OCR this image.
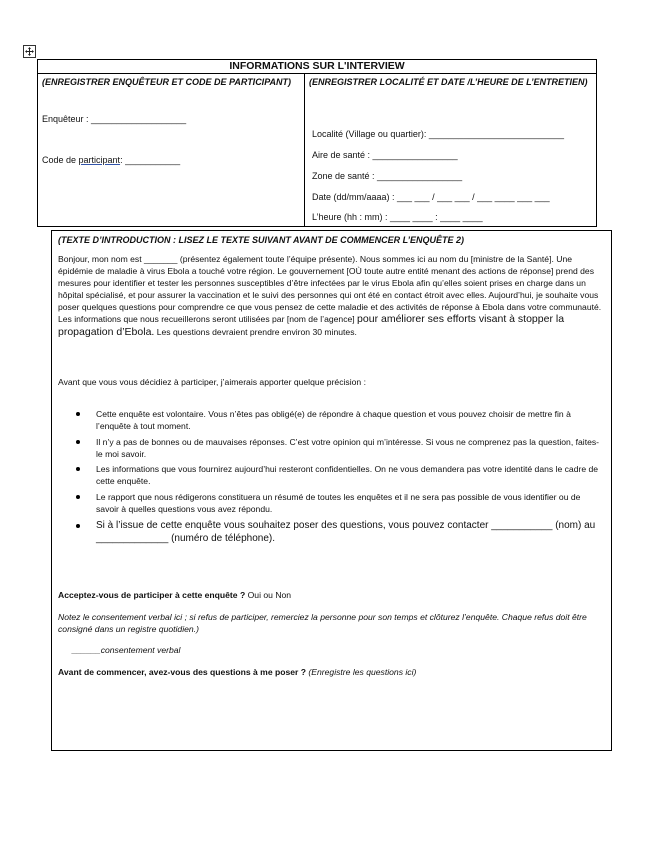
INFORMATIONS SUR L'INTERVIEW
(ENREGISTRER ENQUÊTEUR ET CODE DE PARTICIPANT)
Enquêteur : ___________________
Code de participant: ___________
(ENREGISTRER LOCALITÉ ET DATE /L’HEURE DE L’ENTRETIEN)
Localité (Village ou quartier): ___________________________
Aire de santé : _________________
Zone de santé : _________________
Date (dd/mm/aaaa) : ___ ___ / ___ ___ / ___ ____ ___ ___
L’heure (hh : mm) : ____ ____ : ____ ____
(TEXTE D’INTRODUCTION : LISEZ LE TEXTE SUIVANT AVANT DE COMMENCER L’ENQUÊTE 2)
Bonjour, mon nom est _______ (présentez également toute l’équipe présente). Nous sommes ici au nom du [ministre de la Santé]. Une épidémie de maladie à virus Ebola a touché votre région. Le gouvernement [OÙ toute autre entité menant des actions de réponse] prend des mesures pour identifier et tester les personnes susceptibles d’être infectées par le virus Ebola afin qu’elles soient prises en charge dans un hôpital spécialisé, et pour assurer la vaccination et le suivi des personnes qui ont été en contact étroit avec elles. Aujourd’hui, je souhaite vous poser quelques questions pour comprendre ce que vous pensez de cette maladie et des activités de réponse à Ebola dans votre communauté. Les informations que nous recueillerons seront utilisées par [nom de l’agence] pour améliorer ses efforts visant à stopper la propagation d’Ebola. Les questions devraient prendre environ 30 minutes.
Avant que vous vous décidiez à participer, j’aimerais apporter quelque précision :
Cette enquête est volontaire. Vous n’êtes pas obligé(e) de répondre à chaque question et vous pouvez choisir de mettre fin à l’enquête à tout moment.
Il n’y a pas de bonnes ou de mauvaises réponses. C’est votre opinion qui m’intéresse. Si vous ne comprenez pas la question, faites-le moi savoir.
Les informations que vous fournirez aujourd’hui resteront confidentielles. On ne vous demandera pas votre identité dans le cadre de cette enquête.
Le rapport que nous rédigerons constituera un résumé de toutes les enquêtes et il ne sera pas possible de vous identifier ou de savoir à quelles questions vous avez répondu.
Si à l’issue de cette enquête vous souhaitez poser des questions, vous pouvez contacter ___________ (nom) au _____________ (numéro de téléphone).
Acceptez-vous de participer à cette enquête ? Oui ou Non
Notez le consentement verbal ici ; si refus de participer, remerciez la personne pour son temps et clôturez l’enquête. Chaque refus doit être consigné dans un registre quotidien.)
______consentement verbal
Avant de commencer, avez-vous des questions à me poser ? (Enregistre les questions ici)
